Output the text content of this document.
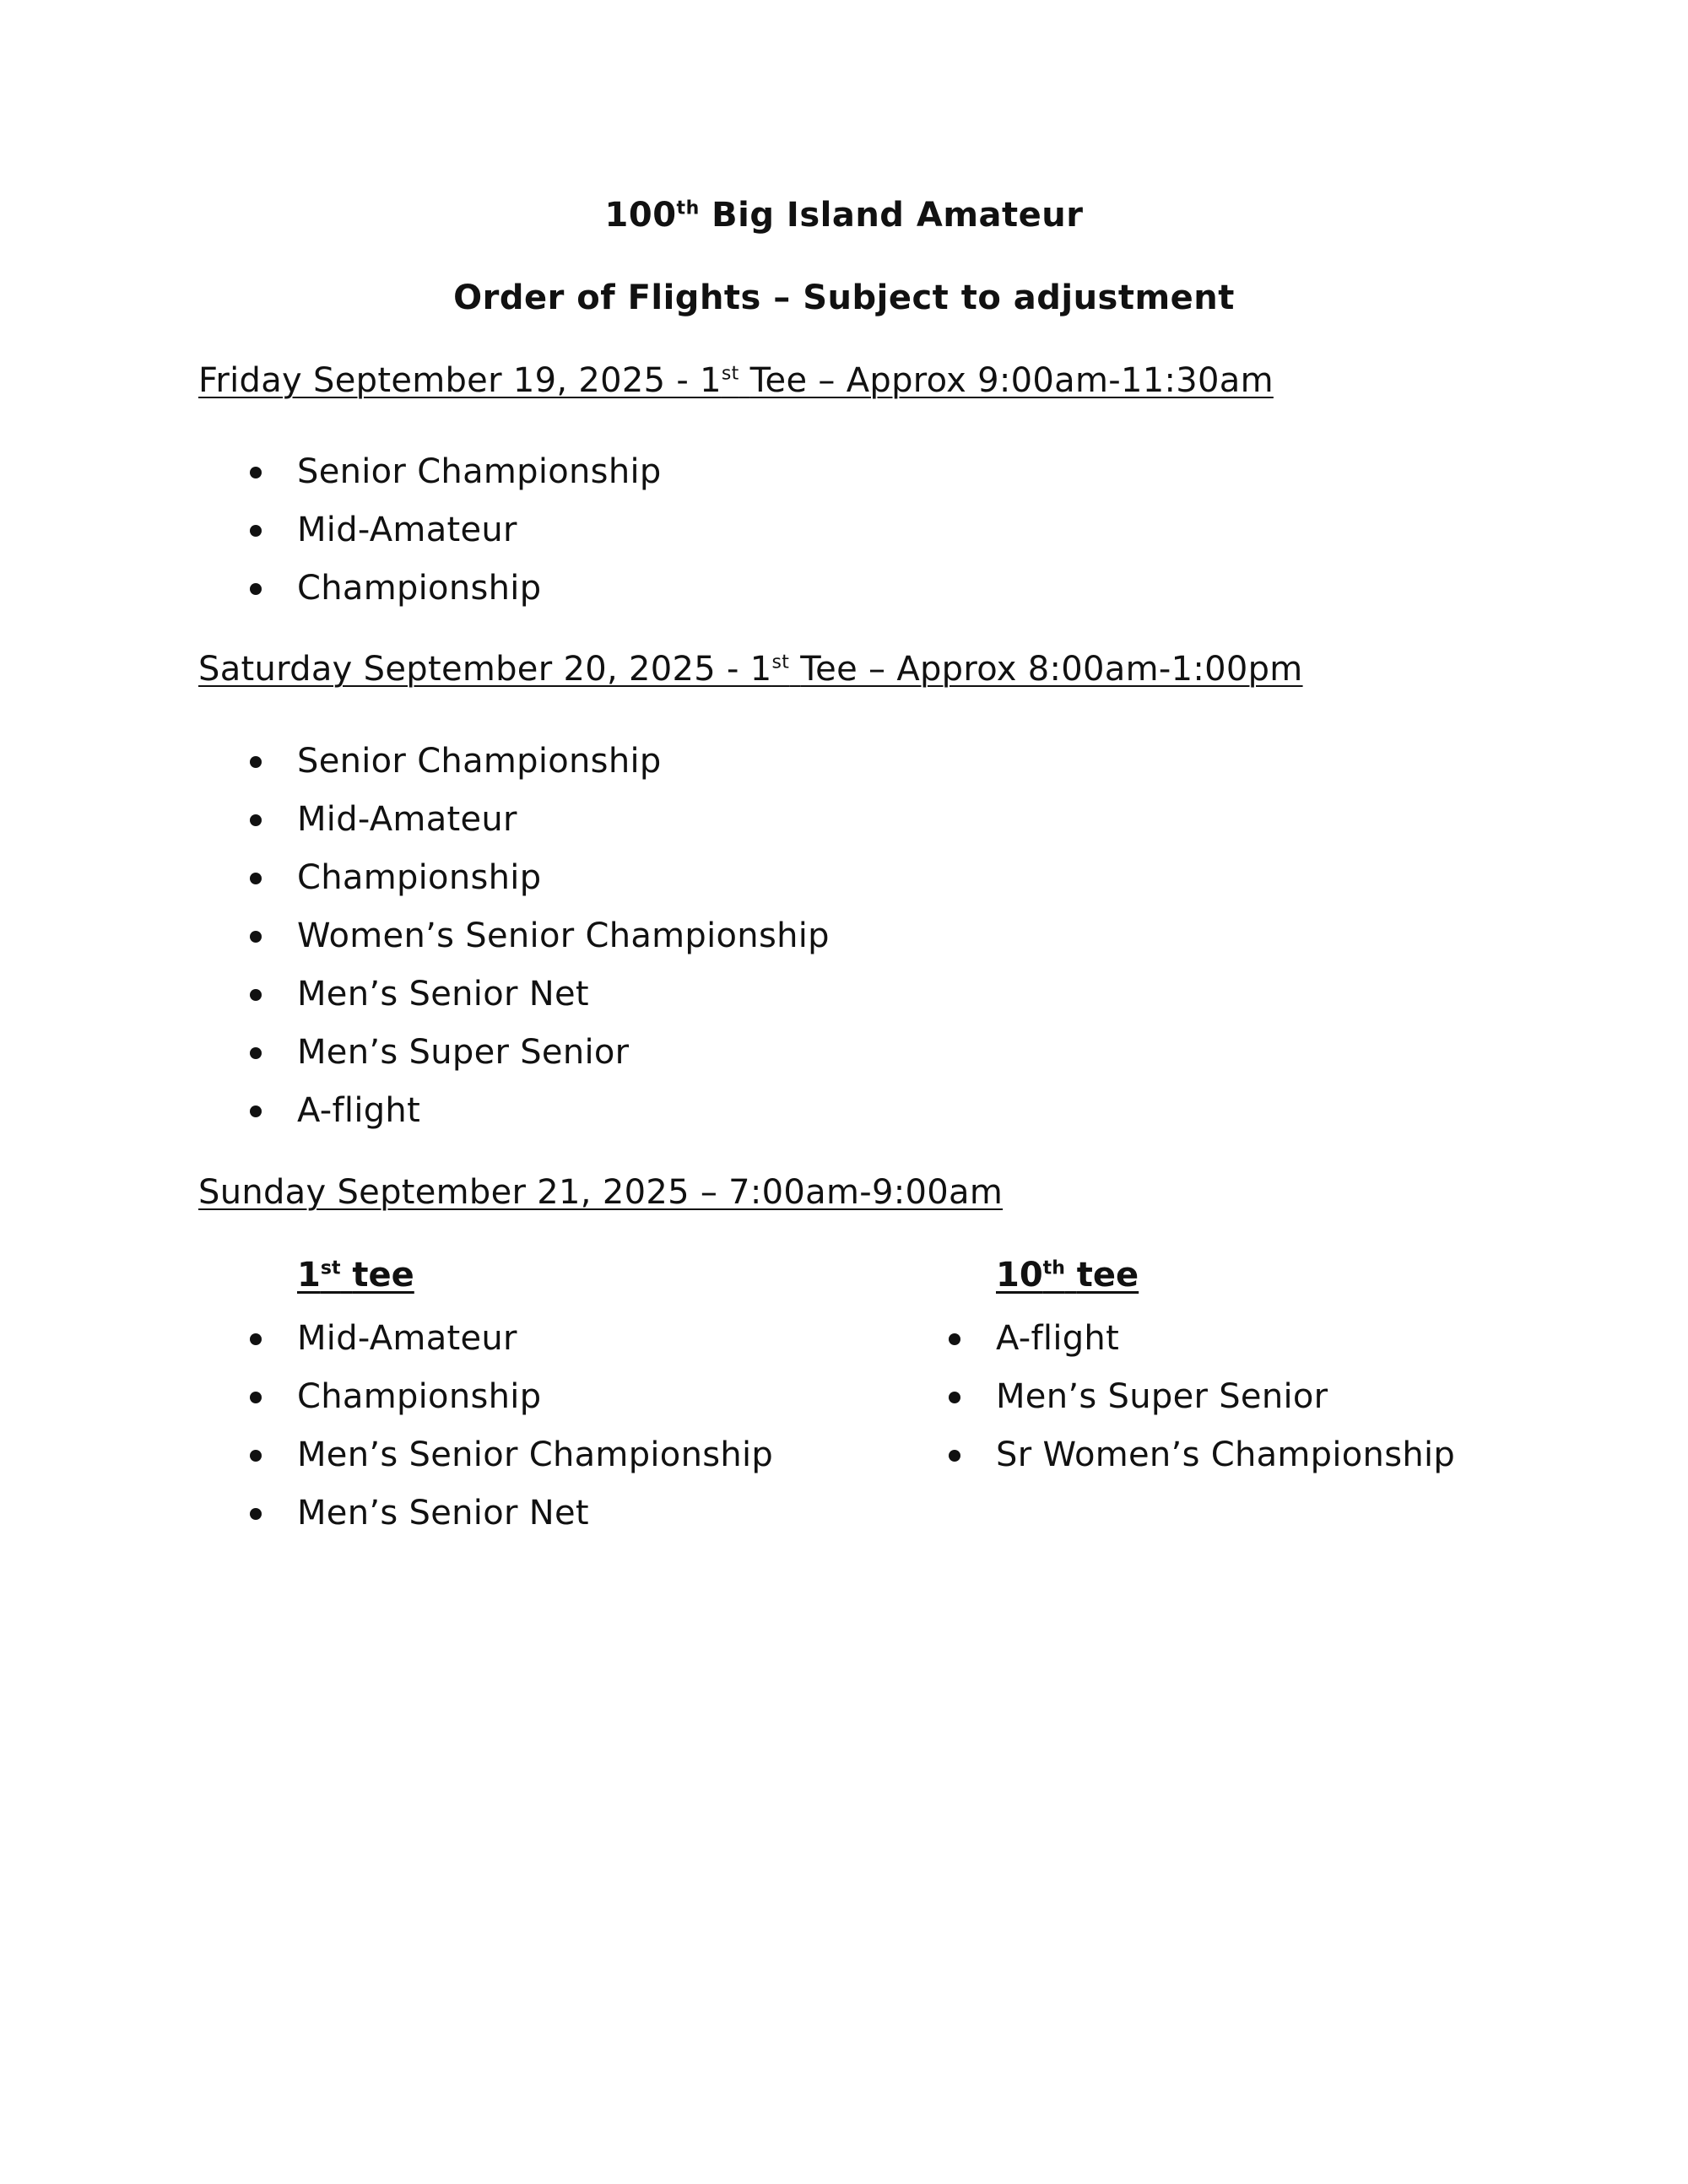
100th Big Island Amateur
Order of Flights – Subject to adjustment
Friday September 19, 2025 - 1st Tee – Approx 9:00am-11:30am
Senior Championship
Mid-Amateur
Championship
Saturday September 20, 2025 - 1st Tee – Approx 8:00am-1:00pm
Senior Championship
Mid-Amateur
Championship
Women’s Senior Championship
Men’s Senior Net
Men’s Super Senior
A-flight
Sunday September 21, 2025 – 7:00am-9:00am
1st tee	10th tee
Mid-Amateur
Championship
Men’s Senior Championship
Men’s Senior Net
A-flight
Men’s Super Senior
Sr Women’s Championship
